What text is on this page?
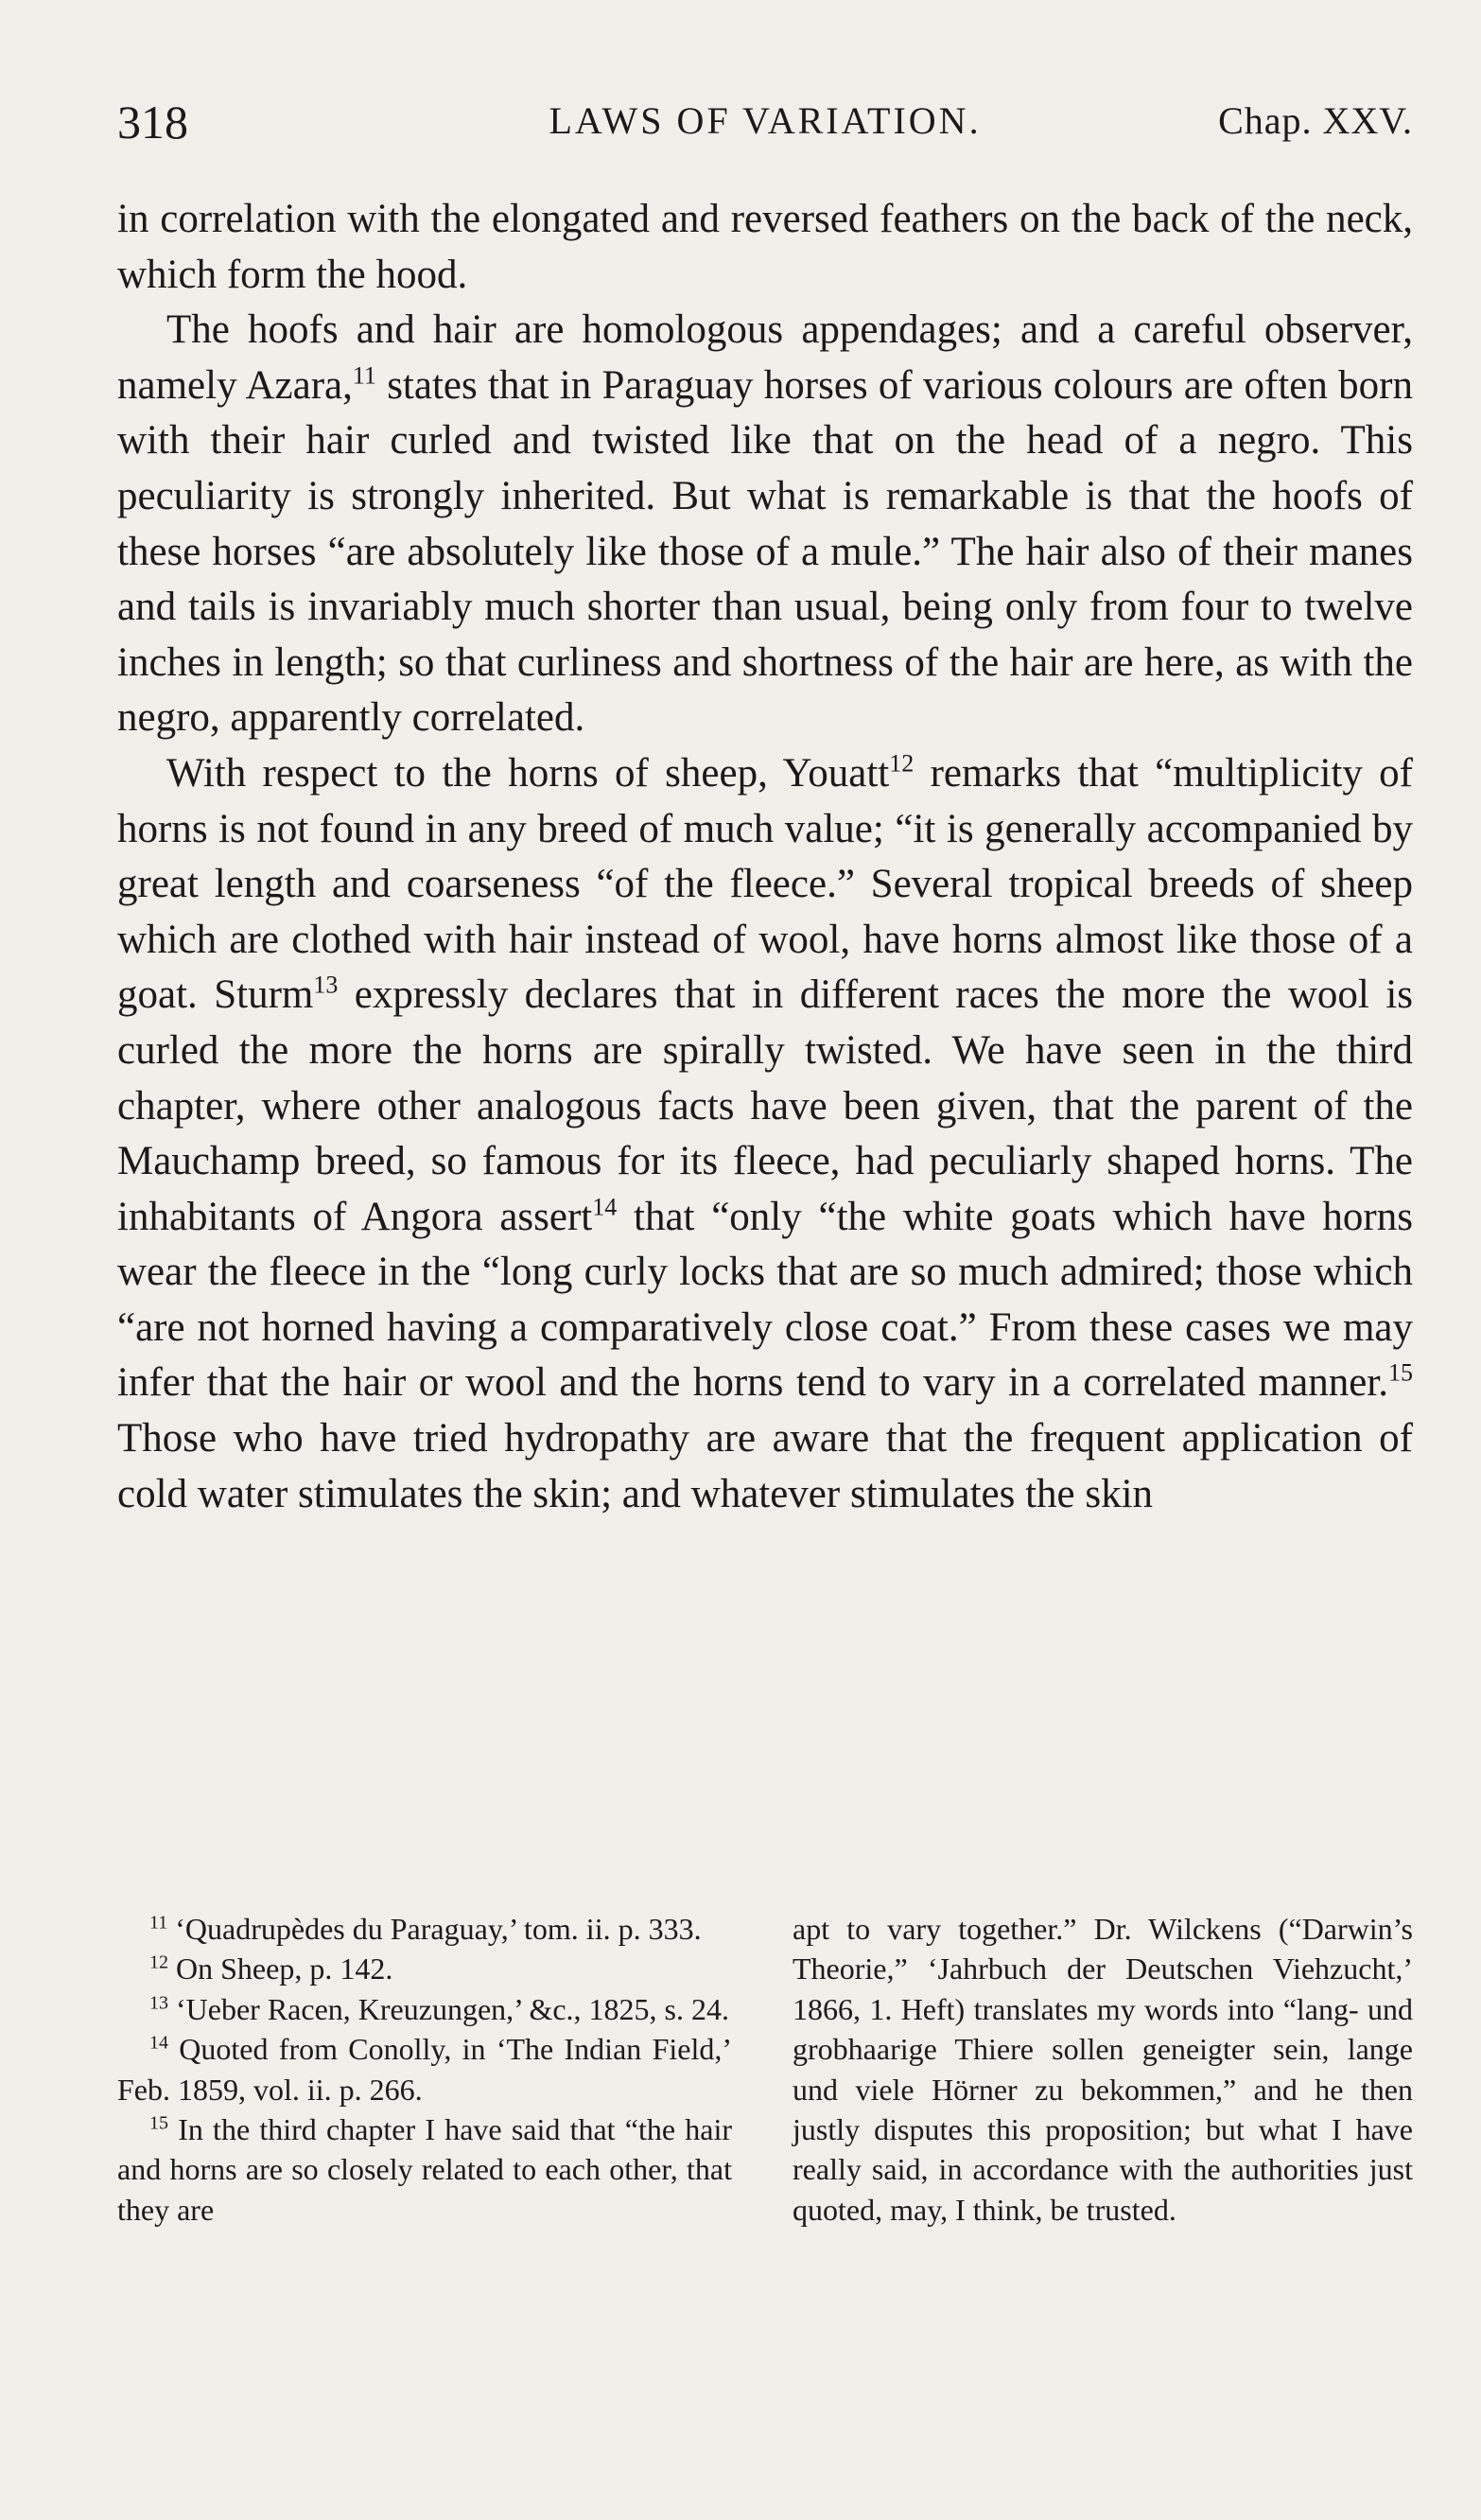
318	LAWS OF VARIATION.	Chap. XXV.

in correlation with the elongated and reversed feathers on the back of the neck, which form the hood.

The hoofs and hair are homologous appendages; and a careful observer, namely Azara,$^{11}$ states that in Paraguay horses of various colours are often born with their hair curled and twisted like that on the head of a negro. This peculiarity is strongly inherited. But what is remarkable is that the hoofs of these horses “are absolutely like those of a mule.” The hair also of their manes and tails is invariably much shorter than usual, being only from four to twelve inches in length; so that curliness and shortness of the hair are here, as with the negro, apparently correlated.

With respect to the horns of sheep, Youatt$^{12}$ remarks that “multiplicity of horns is not found in any breed of much value; “it is generally accompanied by great length and coarseness “of the fleece.” Several tropical breeds of sheep which are clothed with hair instead of wool, have horns almost like those of a goat. Sturm$^{13}$ expressly declares that in different races the more the wool is curled the more the horns are spirally twisted. We have seen in the third chapter, where other analogous facts have been given, that the parent of the Mauchamp breed, so famous for its fleece, had peculiarly shaped horns. The inhabitants of Angora assert$^{14}$ that “only “the white goats which have horns wear the fleece in the “long curly locks that are so much admired; those which “are not horned having a comparatively close coat.” From these cases we may infer that the hair or wool and the horns tend to vary in a correlated manner.$^{15}$ Those who have tried hydropathy are aware that the frequent application of cold water stimulates the skin; and whatever stimulates the skin

$^{11}$ ‘Quadrupèdes du Paraguay,’ tom. ii. p. 333.

$^{12}$ On Sheep, p. 142.

$^{13}$ ‘Ueber Racen, Kreuzungen,’ &c., 1825, s. 24.

$^{14}$ Quoted from Conolly, in ‘The Indian Field,’ Feb. 1859, vol. ii. p. 266.

$^{15}$ In the third chapter I have said that “the hair and horns are so closely related to each other, that they are

apt to vary together.” Dr. Wilckens (“Darwin’s Theorie,” ‘Jahrbuch der Deutschen Viehzucht,’ 1866, 1. Heft) translates my words into “lang- und grobhaarige Thiere sollen geneigter sein, lange und viele Hörner zu bekommen,” and he then justly disputes this proposition; but what I have really said, in accordance with the authorities just quoted, may, I think, be trusted.
